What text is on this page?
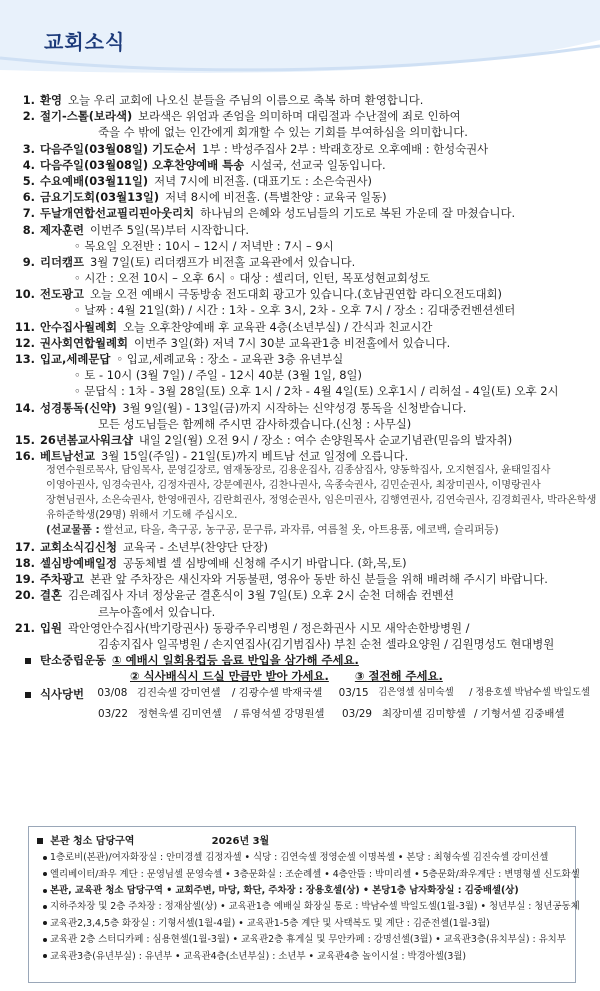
교회소식
1. 환영 오늘 우리 교회에 나오신 분들을 주님의 이름으로 축복 하며 환영합니다.
2. 절기-스톨(보라색) 보라색은 위엄과 존엄을 의미하며 대림절과 수난절에 죄로 인하여
죽을 수 밖에 없는 인간에게 회개할 수 있는 기회를 부여하심을 의미합니다.
3. 다음주일(03월08일) 기도순서 1부 : 박성주집사 2부 : 박래호장로 오후예배 : 한성숙권사
4. 다음주일(03월08일) 오후찬양예배 특송 시설국, 선교국 일동입니다.
5. 수요예배(03월11일) 저녁 7시에 비전홀. (대표기도 : 소은숙권사)
6. 금요기도회(03월13일) 저녁 8시에 비전홀. (특별찬양 : 교육국 일동)
7. 두날개연합선교필리핀아웃리치 하나님의 은혜와 성도님들의 기도로 복된 가운데 잘 마쳤습니다.
8. 제자훈련 이번주 5일(목)부터 시작합니다.
◦ 목요일 오전반 : 10시 – 12시 / 저녁반 : 7시 – 9시
9. 리더캠프 3월 7일(토) 리더캠프가 비전홀 교육관에서 있습니다.
◦ 시간 : 오전 10시 – 오후 6시 ◦ 대상 : 셀리더, 인턴, 목포성현교회성도
10. 전도광고 오늘 오전 예배시 극동방송 전도대회 광고가 있습니다.(호남권연합 라디오전도대회)
◦ 날짜 : 4월 21일(화) / 시간 : 1차 - 오후 3시, 2차 - 오후 7시 / 장소 : 김대중컨벤션센터
11. 안수집사월례회 오늘 오후찬양예배 후 교육관 4층(소년부실) / 간식과 친교시간
12. 권사회연합월례회 이번주 3일(화) 저녁 7시 30분 교육관1층 비전홀에서 있습니다.
13. 입교,세례문답 ◦ 입교,세례교육 : 장소 - 교육관 3층 유년부실
◦ 토 - 10시 (3월 7일) / 주일 - 12시 40분 (3월 1일, 8일)
◦ 문답식 : 1차 - 3월 28일(토) 오후 1시 / 2차 - 4월 4일(토) 오후1시 / 리허설 - 4일(토) 오후 2시
14. 성경통독(신약) 3월 9일(월) - 13일(금)까지 시작하는 신약성경 통독을 신청받습니다.
모든 성도님들은 함께해 주시면 감사하겠습니다.(신청 : 사무실)
15. 26년봄교사워크샵 내일 2일(월) 오전 9시 / 장소 : 여수 손양원목사 순교기념관(믿음의 발자취)
16. 베트남선교 3월 15일(주일) - 21일(토)까지 베트남 선교 일정에 오릅니다.
정연수원로목사, 담임목사, 문영길장로, 염재동장로, 김용운집사, 김종삼집사, 양동학집사, 오지현집사, 윤태일집사
이영아권사, 임경숙권사, 김정자권사, 강문예권사, 김찬나권사, 옥종숙권사, 김민순권사, 최장미권사, 이명랑권사
장현님권사, 소은숙권사, 한영애권사, 김란희권사, 정영순권사, 임은미권사, 김행연권사, 김연숙권사, 김경희권사, 박라온학생
유하준학생(29명) 위해서 기도해 주십시오.
(선교물품 : 쌀선교, 타올, 축구공, 농구공, 문구류, 과자류, 여름철 옷, 아트용품, 에코백, 슬리퍼등)
17. 교회소식김신청 교육국 - 소년부(찬양단 단장)
18. 셀심방예배일정 공동체별 셀 심방예배 신청해 주시기 바랍니다. (화,목,토)
19. 주차광고 본관 앞 주차장은 새신자와 거동불편, 영유아 동반 하신 분들을 위해 배려해 주시기 바랍니다.
20. 결혼 김은례집사 자녀 정상윤군 결혼식이 3월 7일(토) 오후 2시 순천 더해솜 컨벤션
르누아홀에서 있습니다.
21. 입원 곽안영안수집사(박기랑권사) 동광주우리병원 / 정은화권사 시모 새악손한방병원 /
김송지집사 일곡병원 / 손지연집사(김기범집사) 부친 순천 셀라요양원 / 김원명성도 현대병원
탄소중립운동 ① 예배시 일회용컵등 음료 반입을 삼가해 주세요.
② 식사배식시 드실 만큼만 받아 가세요. ③ 절전해 주세요.
식사당번	03/08 김진숙셀 강미연셀	/ 김광수셀 박재국셀	03/15	김은영셀 심미숙셀	/ 정용호셀 박남수셀 박일도셀
03/22 정현욱셀 김미연셀	/ 류영석셀 강명원셀	03/29 최장미셀 김미향셀 / 기형서셀 김중배셀
본관 청소 담당구역	2026년 3월
1층로비(본관)/여자화장실 : 안미경셀 김정자셀 • 식당 : 김연숙셀 정영순셀 이명복셀 • 본당 : 최형숙셀 김진숙셀 강미선셀
엘리베이터/좌우 계단 : 문영님셀 문영숙셀 • 3층문화실 : 조순례셀 • 4층안뜰 : 박미리셀 • 5층문화/좌우계단 : 변명형셀 신도화셀
본관, 교육관 청소 담당구역 • 교회주변, 마당, 화단, 주차장 : 장용호셀(상) • 본당1층 남자화장실 : 김중배셀(상)
지하주차장 및 2층 주차장 : 정재삼셀(상) • 교육관1층 예배실 화장실 통로 : 박남수셀 박일도셀(1월-3월) • 청년부실 : 청년공동체
교육관2,3,4,5층 화장실 : 기형서셀(1월-4월) • 교육관1-5층 계단 및 사택복도 및 계단 : 김준전셀(1월-3월)
교육관 2층 스터디카페 : 심용현셀(1월-3월) • 교육관2층 휴게실 및 무안카페 : 강명선셀(3월) • 교육관3층(유치부실) : 유치부
교육관3층(유년부실) : 유년부 • 교육관4층(소년부실) : 소년부 • 교육관4층 놀이시설 : 박경아셀(3월)
